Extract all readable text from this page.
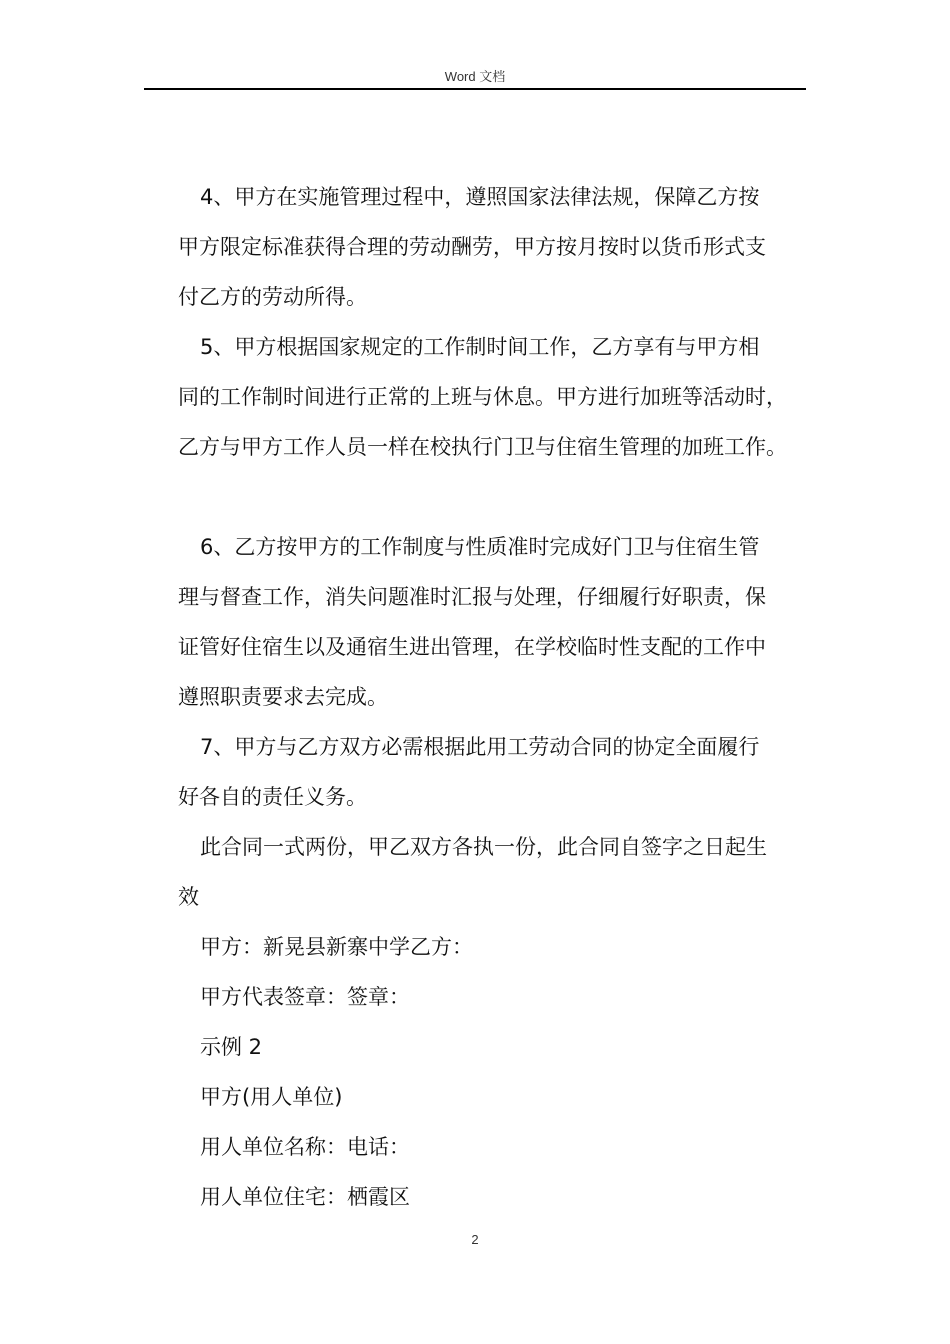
Word 文档
4、甲方在实施管理过程中，遵照国家法律法规，保障乙方按
甲方限定标准获得合理的劳动酬劳，甲方按月按时以货币形式支
付乙方的劳动所得。
5、甲方根据国家规定的工作制时间工作，乙方享有与甲方相
同的工作制时间进行正常的上班与休息。甲方进行加班等活动时，
乙方与甲方工作人员一样在校执行门卫与住宿生管理的加班工作。
6、乙方按甲方的工作制度与性质准时完成好门卫与住宿生管
理与督查工作，消失问题准时汇报与处理，仔细履行好职责，保
证管好住宿生以及通宿生进出管理，在学校临时性支配的工作中
遵照职责要求去完成。
7、甲方与乙方双方必需根据此用工劳动合同的协定全面履行
好各自的责任义务。
此合同一式两份，甲乙双方各执一份，此合同自签字之日起生
效
甲方：新晃县新寨中学乙方：
甲方代表签章：签章：
示例 2
甲方(用人单位)
用人单位名称：电话：
用人单位住宅：栖霞区
2
